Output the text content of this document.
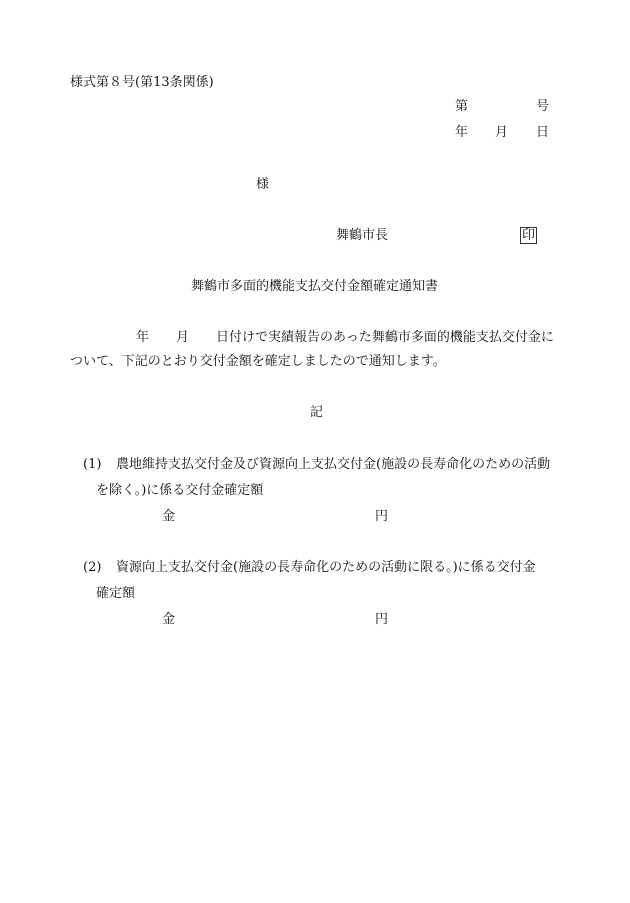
様式第８号(第13条関係)
第	号
年 月 日
様
舞鶴市長	印
舞鶴市多面的機能支払交付金額確定通知書
年 月 日付けで実績報告のあった舞鶴市多面的機能支払交付金に
ついて、下記のとおり交付金額を確定しましたので通知します。
記
(1) 農地維持支払交付金及び資源向上支払交付金(施設の長寿命化のための活動
を除く。)に係る交付金確定額
金	円
(2) 資源向上支払交付金(施設の長寿命化のための活動に限る。)に係る交付金
確定額
金	円
